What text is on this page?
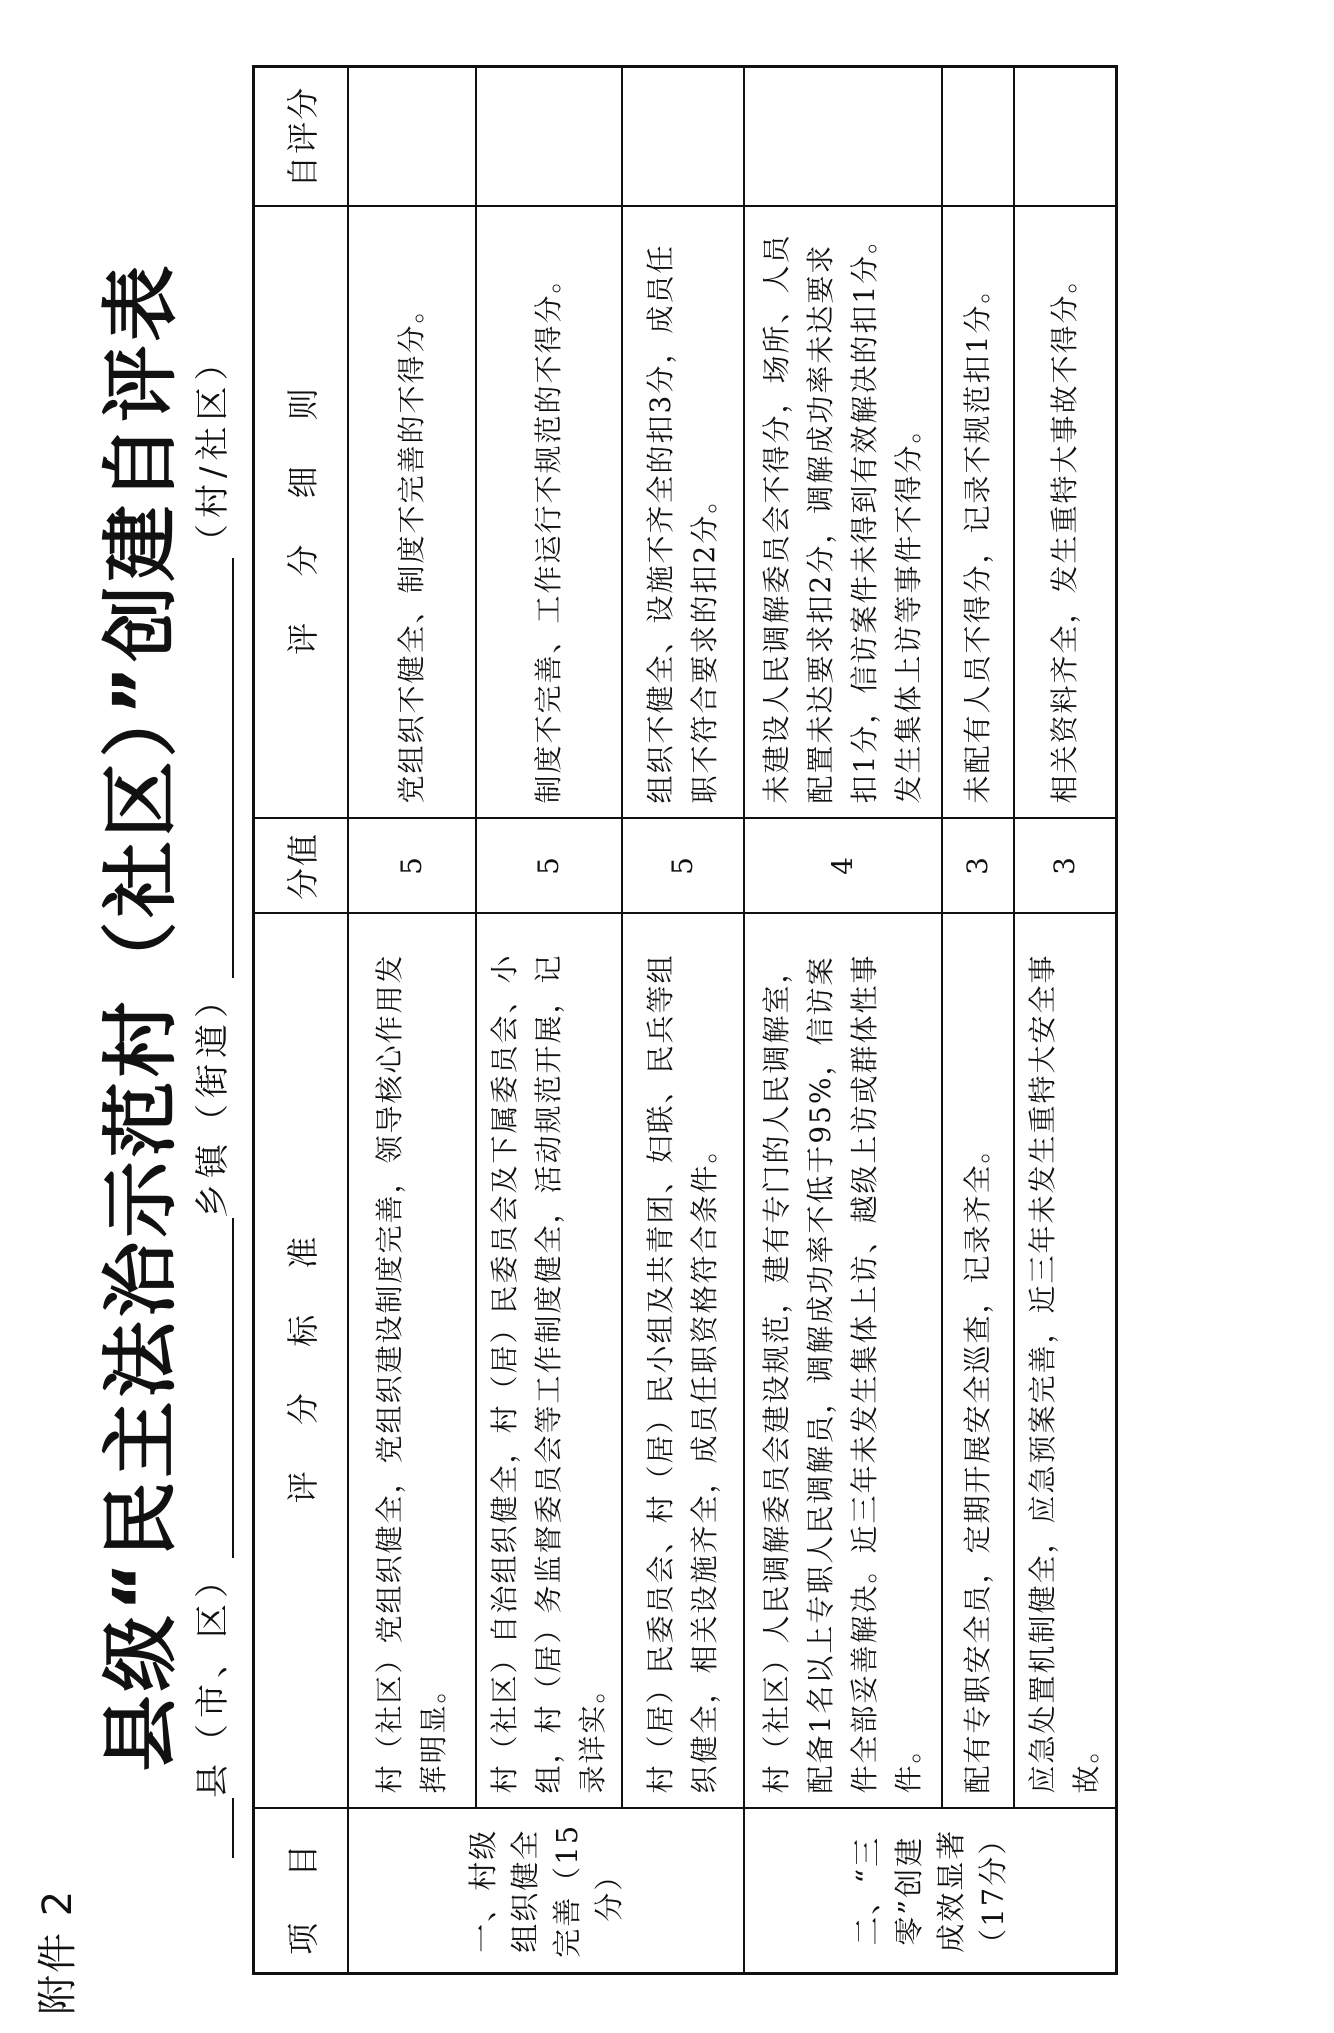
附件 2
县级“民主法治示范村（社区）”创建自评表 县（市、区）乡镇（街道）（村/社区）
项 目	评 分 标 准	分值	评 分 细 则	自评分
一、村级组织健全完善（15分）	村（社区）党组织健全，党组织建设制度完善，领导核心作用发挥明显。	5	党组织不健全、制度不完善的不得分。	
	村（社区）自治组织健全，村（居）民委员会及下属委员会、小组，村（居）务监督委员会等工作制度健全，活动规范开展，记录详实。	5	制度不完善、工作运行不规范的不得分。	
	村（居）民委员会、村（居）民小组及共青团、妇联、民兵等组织健全，相关设施齐全，成员任职资格符合条件。	5	组织不健全、设施不齐全的扣3分，成员任职不符合要求的扣2分。	
二、“三零”创建成效显著（17分）	村（社区）人民调解委员会建设规范，建有专门的人民调解室，配备1名以上专职人民调解员，调解成功率不低于95%，信访案件全部妥善解决。近三年未发生集体上访、越级上访或群体性事件。	4	未建设人民调解委员会不得分，场所、人员配置未达要求扣2分，调解成功率未达要求扣1分，信访案件未得到有效解决的扣1分。发生集体上访等事件不得分。	
	配有专职安全员，定期开展安全巡查，记录齐全。	3	未配有人员不得分，记录不规范扣1分。	
	应急处置机制健全，应急预案完善，近三年未发生重特大安全事故。	3	相关资料齐全，发生重特大事故不得分。	
